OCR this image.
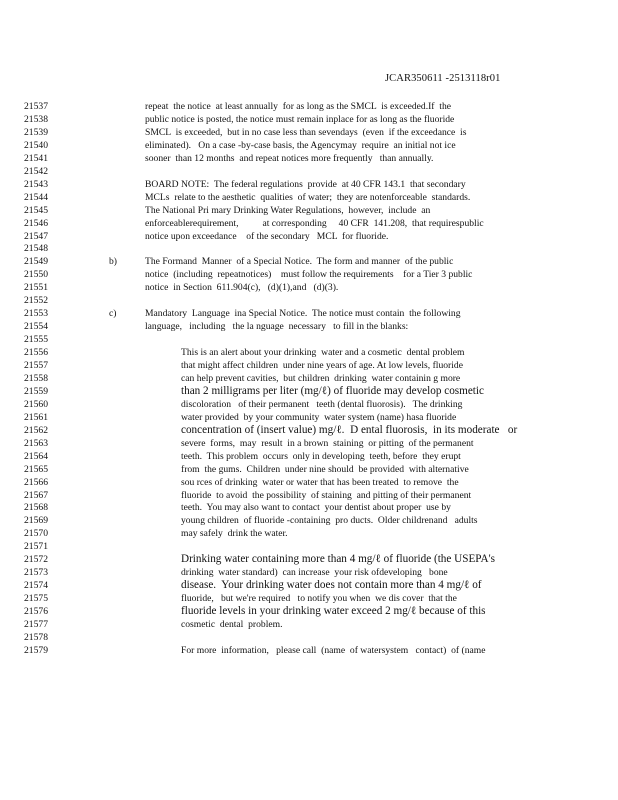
JCAR350611 -2513118r01
21537	repeat  the notice  at least annually  for as long as the SMCL  is exceeded.If  the
21538	public notice is posted, the notice must remain inplace for as long as the fluoride
21539	SMCL  is exceeded,  but in no case less than sevendays  (even  if the exceedance  is
21540	eliminated).   On a case -by-case basis, the Agencymay  require  an initial not ice
21541	sooner  than 12 months  and repeat notices more frequently   than annually.
21542
21543	BOARD NOTE:  The federal regulations  provide  at 40 CFR 143.1  that secondary
21544	MCLs  relate to the aesthetic  qualities  of water;  they are notenforceable  standards.
21545	The National Pri mary Drinking Water Regulations,  however,  include  an
21546	enforceablerequirement,          at corresponding     40 CFR  141.208,  that requirespublic
21547	notice upon exceedance    of the secondary   MCL  for fluoride.
21548
21549	b)	The Formand  Manner  of a Special Notice.  The form and manner  of the public
21550	notice  (including  repeatnotices)    must follow the requirements    for a Tier 3 public
21551	notice  in Section  611.904(c),   (d)(1),and   (d)(3).
21552
21553	c)	Mandatory  Language  ina Special Notice.  The notice must contain  the following
21554	language,   including   the la nguage  necessary   to fill in the blanks:
21555
21556	This is an alert about your drinking  water and a cosmetic  dental problem
21557	that might affect children  under nine years of age. At low levels, fluoride
21558	can help prevent cavities,  but children  drinking  water containin g more
21559	than 2 milligrams per liter (mg/ℓ) of fluoride may develop cosmetic
21560	discoloration   of their permanent   teeth (dental fluorosis).   The drinking
21561	water provided  by your community  water system (name) hasa fluoride
21562	concentration of (insert value) mg/ℓ.  D ental fluorosis,  in its moderate   or
21563	severe  forms,  may  result  in a brown  staining  or pitting  of the permanent
21564	teeth.  This problem  occurs  only in developing  teeth, before  they erupt
21565	from  the gums.  Children  under nine should  be provided  with alternative
21566	sou rces of drinking  water or water that has been treated  to remove  the
21567	fluoride  to avoid  the possibility  of staining  and pitting of their permanent
21568	teeth.  You may also want to contact  your dentist about proper  use by
21569	young children  of fluoride -containing  pro ducts.  Older childrenand   adults
21570	may safely  drink the water.
21571
21572	Drinking water containing more than 4 mg/ℓ of fluoride (the USEPA's
21573	drinking  water standard)  can increase  your risk ofdeveloping   bone
21574	disease.  Your drinking water does not contain more than 4 mg/ℓ of
21575	fluoride,   but we're required   to notify you when  we dis cover  that the
21576	fluoride levels in your drinking water exceed 2 mg/ℓ because of this
21577	cosmetic  dental  problem.
21578
21579	For more  information,   please call  (name  of watersystem   contact)  of (name
